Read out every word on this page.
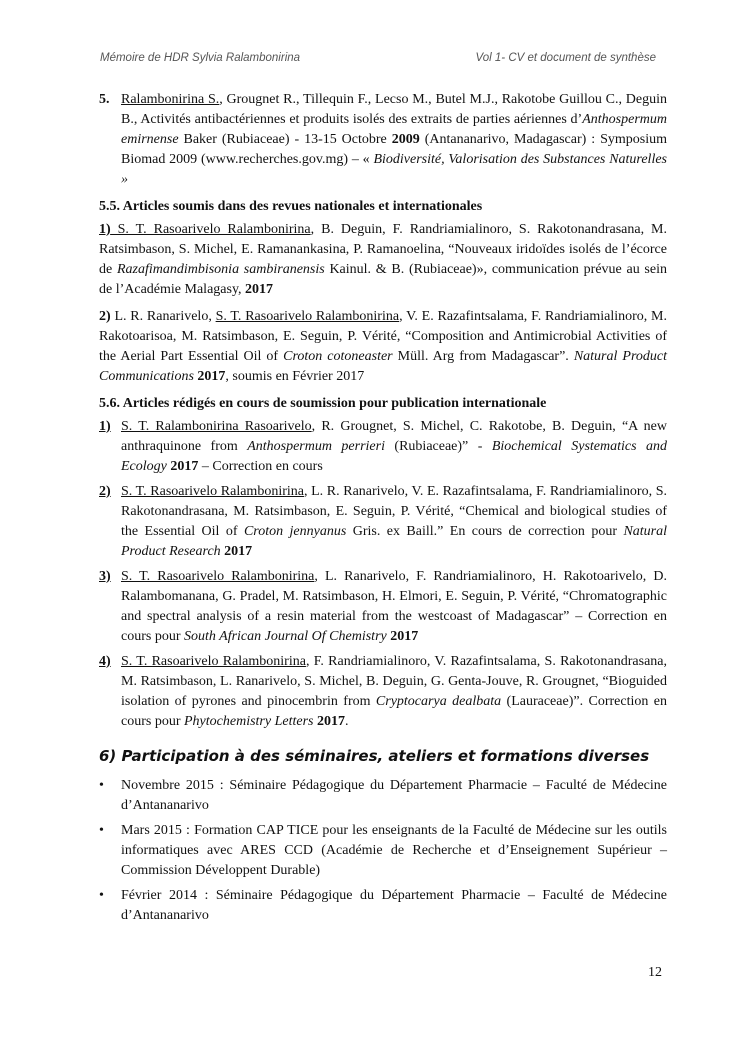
Mémoire de HDR Sylvia Ralambonirina	Vol 1- CV et document de synthèse
5. Ralambonirina S., Grougnet R., Tillequin F., Lecso M., Butel M.J., Rakotobe Guillou C., Deguin B., Activités antibactériennes et produits isolés des extraits de parties aériennes d’Anthospermum emirnense Baker (Rubiaceae) - 13-15 Octobre 2009 (Antananarivo, Madagascar) : Symposium Biomad 2009 (www.recherches.gov.mg) – « Biodiversité, Valorisation des Substances Naturelles »
5.5. Articles soumis dans des revues nationales et internationales

1) S. T. Rasoarivelo Ralambonirina, B. Deguin, F. Randriamialinoro, S. Rakotonandrasana, M. Ratsimbason, S. Michel, E. Ramanankasina, P. Ramanoelina, “Nouveaux iridoïdes isolés de l’écorce de Razafimandimbisonia sambiranensis Kainul. & B. (Rubiaceae)», communication prévue au sein de l’Académie Malagasy, 2017

2) L. R. Ranarivelo, S. T. Rasoarivelo Ralambonirina, V. E. Razafintsalama, F. Randriamialinoro, M. Rakotoarisoa, M. Ratsimbason, E. Seguin, P. Vérité, “Composition and Antimicrobial Activities of the Aerial Part Essential Oil of Croton cotoneaster Müll. Arg from Madagascar”. Natural Product Communications 2017, soumis en Février 2017

5.6. Articles rédigés en cours de soumission pour publication internationale
1) S. T. Ralambonirina Rasoarivelo, R. Grougnet, S. Michel, C. Rakotobe, B. Deguin, “A new anthraquinone from Anthospermum perrieri (Rubiaceae)” - Biochemical Systematics and Ecology 2017 – Correction en cours
2) S. T. Rasoarivelo Ralambonirina, L. R. Ranarivelo, V. E. Razafintsalama, F. Randriamialinoro, S. Rakotonandrasana, M. Ratsimbason, E. Seguin, P. Vérité, “Chemical and biological studies of the Essential Oil of Croton jennyanus Gris. ex Baill.” En cours de correction pour Natural Product Research 2017
3) S. T. Rasoarivelo Ralambonirina, L. Ranarivelo, F. Randriamialinoro, H. Rakotoarivelo, D. Ralambomanana, G. Pradel, M. Ratsimbason, H. Elmori, E. Seguin, P. Vérité, “Chromatographic and spectral analysis of a resin material from the westcoast of Madagascar” – Correction en cours pour South African Journal Of Chemistry 2017
4) S. T. Rasoarivelo Ralambonirina, F. Randriamialinoro, V. Razafintsalama, S. Rakotonandrasana, M. Ratsimbason, L. Ranarivelo, S. Michel, B. Deguin, G. Genta-Jouve, R. Grougnet, “Bioguided isolation of pyrones and pinocembrin from Cryptocarya dealbata (Lauraceae)”. Correction en cours pour Phytochemistry Letters 2017.
6) Participation à des séminaires, ateliers et formations diverses
•	Novembre 2015 : Séminaire Pédagogique du Département Pharmacie – Faculté de Médecine d’Antananarivo
•	Mars 2015 : Formation CAP TICE pour les enseignants de la Faculté de Médecine sur les outils informatiques avec ARES CCD (Académie de Recherche et d’Enseignement Supérieur – Commission Développent Durable)
•	Février 2014 : Séminaire Pédagogique du Département Pharmacie – Faculté de Médecine d’Antananarivo
12
